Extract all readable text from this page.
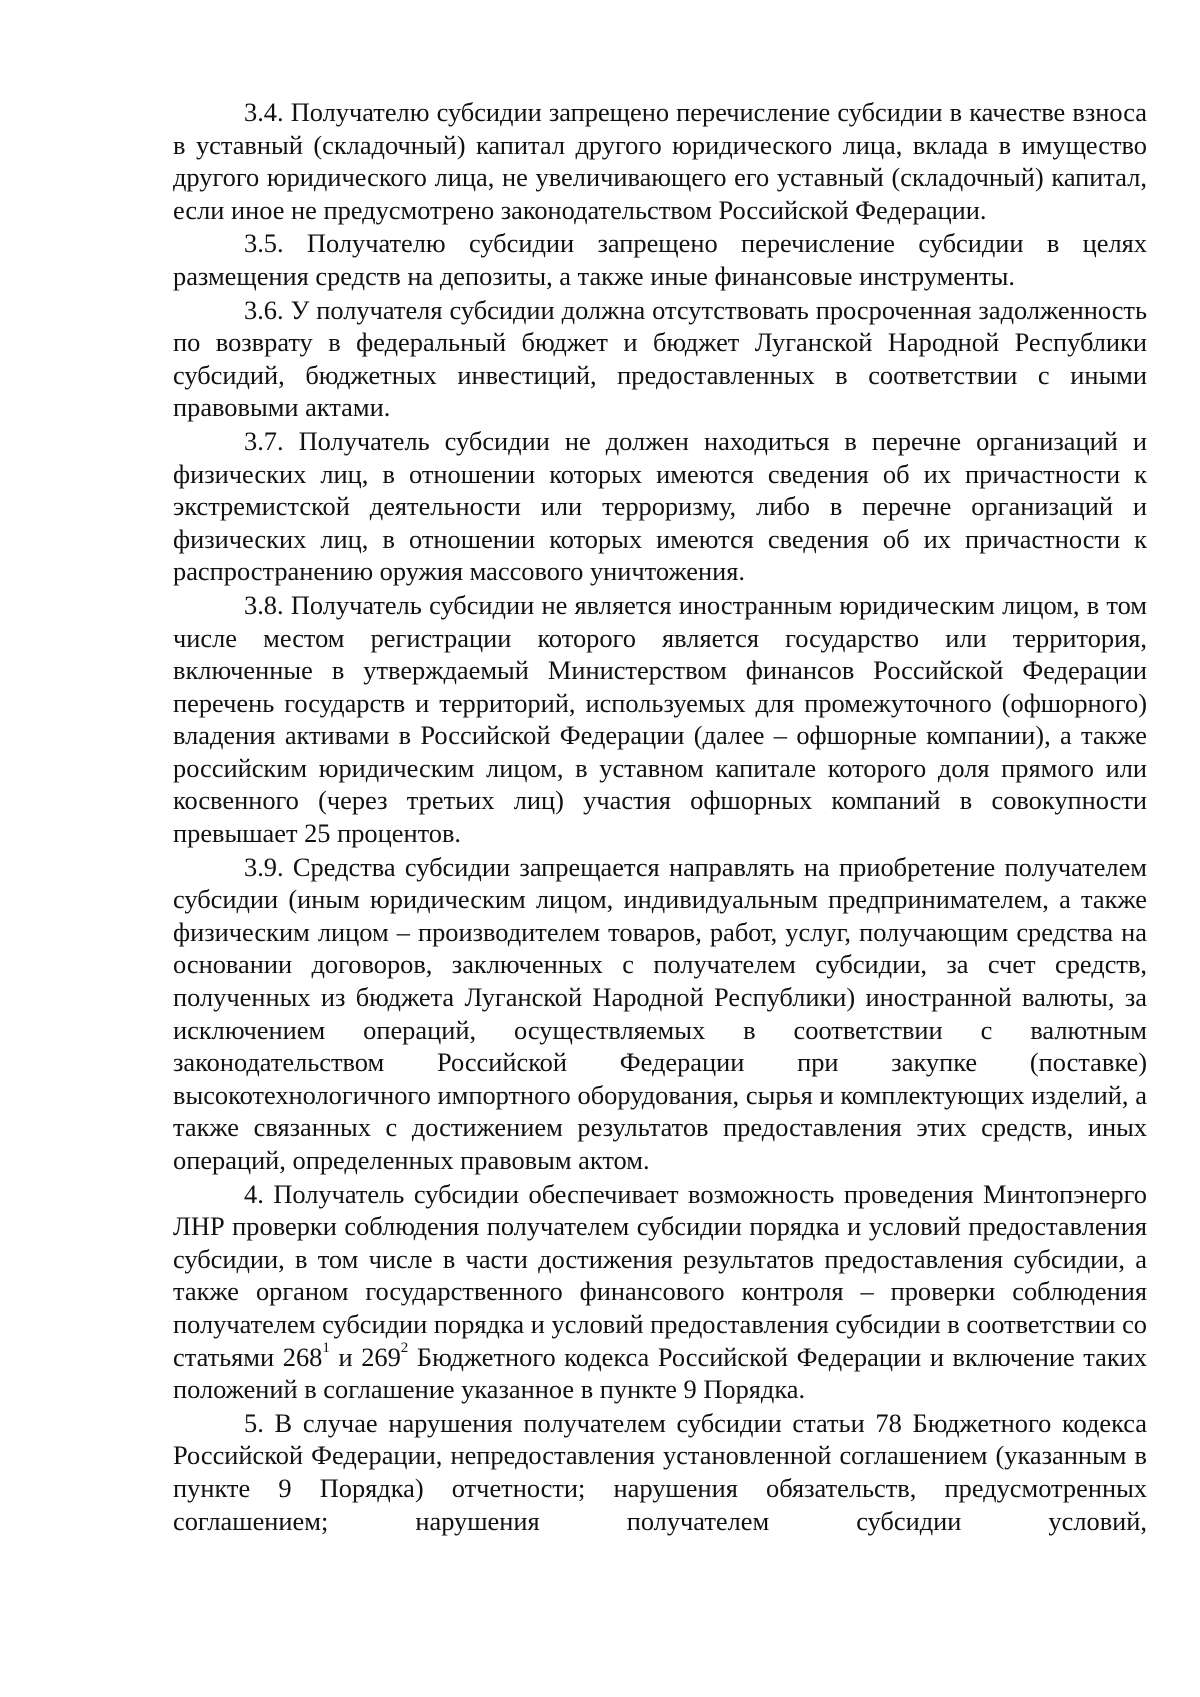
3.4. Получателю субсидии запрещено перечисление субсидии в качестве взноса в уставный (складочный) капитал другого юридического лица, вклада в имущество другого юридического лица, не увеличивающего его уставный (складочный) капитал, если иное не предусмотрено законодательством Российской Федерации.

3.5. Получателю субсидии запрещено перечисление субсидии в целях размещения средств на депозиты, а также иные финансовые инструменты.

3.6. У получателя субсидии должна отсутствовать просроченная задолженность по возврату в федеральный бюджет и бюджет Луганской Народной Республики субсидий, бюджетных инвестиций, предоставленных в соответствии с иными правовыми актами.

3.7. Получатель субсидии не должен находиться в перечне организаций и физических лиц, в отношении которых имеются сведения об их причастности к экстремистской деятельности или терроризму, либо в перечне организаций и физических лиц, в отношении которых имеются сведения об их причастности к распространению оружия массового уничтожения.

3.8. Получатель субсидии не является иностранным юридическим лицом, в том числе местом регистрации которого является государство или территория, включенные в утверждаемый Министерством финансов Российской Федерации перечень государств и территорий, используемых для промежуточного (офшорного) владения активами в Российской Федерации (далее – офшорные компании), а также российским юридическим лицом, в уставном капитале которого доля прямого или косвенного (через третьих лиц) участия офшорных компаний в совокупности превышает 25 процентов.

3.9. Средства субсидии запрещается направлять на приобретение получателем субсидии (иным юридическим лицом, индивидуальным предпринимателем, а также физическим лицом – производителем товаров, работ, услуг, получающим средства на основании договоров, заключенных с получателем субсидии, за счет средств, полученных из бюджета Луганской Народной Республики) иностранной валюты, за исключением операций, осуществляемых в соответствии с валютным законодательством Российской Федерации при закупке (поставке) высокотехнологичного импортного оборудования, сырья и комплектующих изделий, а также связанных с достижением результатов предоставления этих средств, иных операций, определенных правовым актом.

4. Получатель субсидии обеспечивает возможность проведения Минтопэнерго ЛНР проверки соблюдения получателем субсидии порядка и условий предоставления субсидии, в том числе в части достижения результатов предоставления субсидии, а также органом государственного финансового контроля – проверки соблюдения получателем субсидии порядка и условий предоставления субсидии в соответствии со статьями $268^1$ и $269^2$ Бюджетного кодекса Российской Федерации и включение таких положений в соглашение указанное в пункте 9 Порядка.

5. В случае нарушения получателем субсидии статьи 78 Бюджетного кодекса Российской Федерации, непредоставления установленной соглашением (указанным в пункте 9 Порядка) отчетности; нарушения обязательств, предусмотренных соглашением; нарушения получателем субсидии условий,
